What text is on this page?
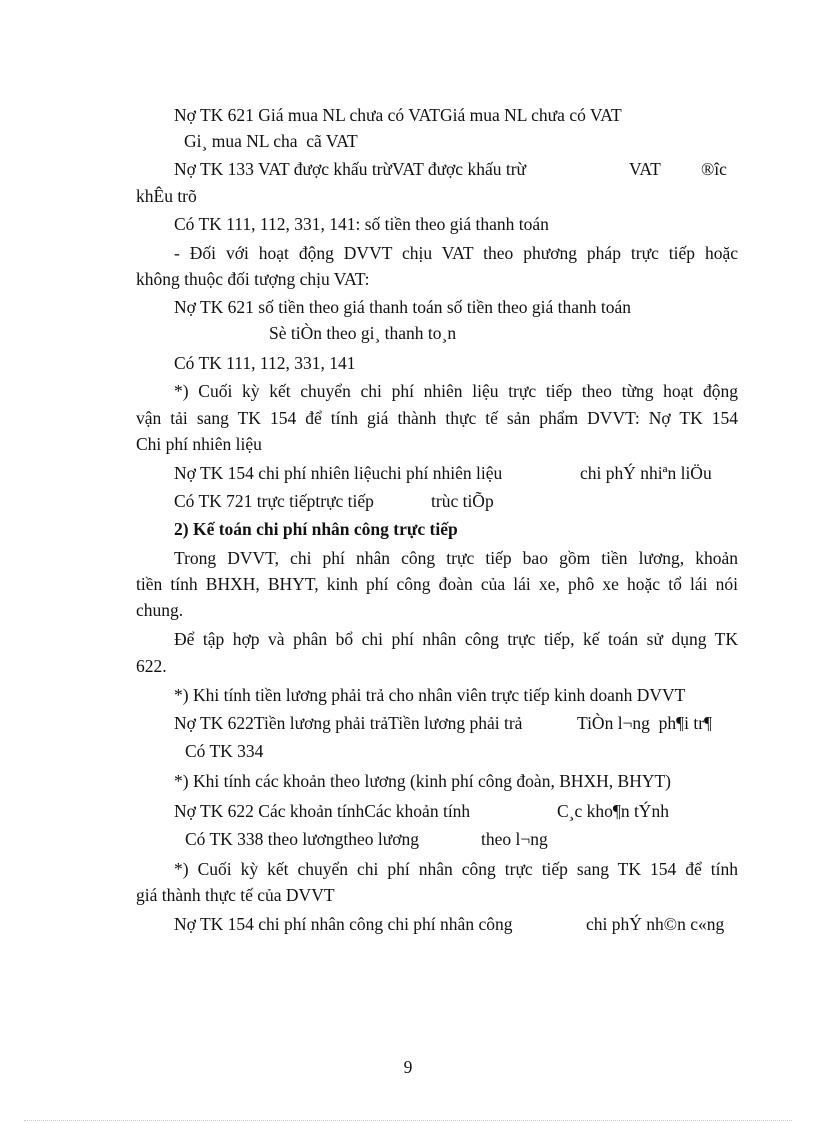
Nợ TK 621 Giá mua NL chưa có VATGiá mua NL chưa có VAT
Gi¸ mua NL cha  cã VAT
Nợ TK 133 VAT được khấu trừVAT được khấu trừ	VAT ®îc
khÊu trõ
Có TK 111, 112, 331, 141: số tiền theo giá thanh toán
- Đối với hoạt động DVVT chịu VAT theo phương pháp trực tiếp hoặc
không thuộc đối tượng chịu VAT:
Nợ TK 621 số tiền theo giá thanh toán số tiền theo giá thanh toán
Sè tiÒn theo gi¸ thanh to¸n
Có TK 111, 112, 331, 141
*) Cuối kỳ kết chuyển chi phí nhiên liệu trực tiếp theo từng hoạt động
vận tải sang TK 154 để tính giá thành thực tế sản phẩm DVVT: Nợ TK 154
Chi phí nhiên liệu
Nợ TK 154 chi phí nhiên liệuchi phí nhiên liệu	chi phÝ nhiªn liÖu
Có TK 721 trực tiếptrực tiếp	trùc tiÕp
2) Kế toán chi phí nhân công trực tiếp
Trong DVVT, chi phí nhân công trực tiếp bao gồm tiền lương, khoản
tiền tính BHXH, BHYT, kinh phí công đoàn của lái xe, phô xe hoặc tổ lái nói
chung.
Để tập hợp và phân bổ chi phí nhân công trực tiếp, kế toán sử dụng TK
622.
*) Khi tính tiền lương phải trả cho nhân viên trực tiếp kinh doanh DVVT
Nợ TK 622Tiền lương phải trảTiền lương phải trả	TiÒn l¬ng  ph¶i tr¶
Có TK 334
*) Khi tính các khoản theo lương (kinh phí công đoàn, BHXH, BHYT)
Nợ TK 622 Các khoản tínhCác khoản tính	C¸c kho¶n tÝnh
Có TK 338 theo lươngtheo lương	theo l¬ng
*) Cuối kỳ kết chuyển chi phí nhân công trực tiếp sang TK 154 để tính
giá thành thực tế của DVVT
Nợ TK 154 chi phí nhân công chi phí nhân công	chi phÝ nh©n c«ng
9
